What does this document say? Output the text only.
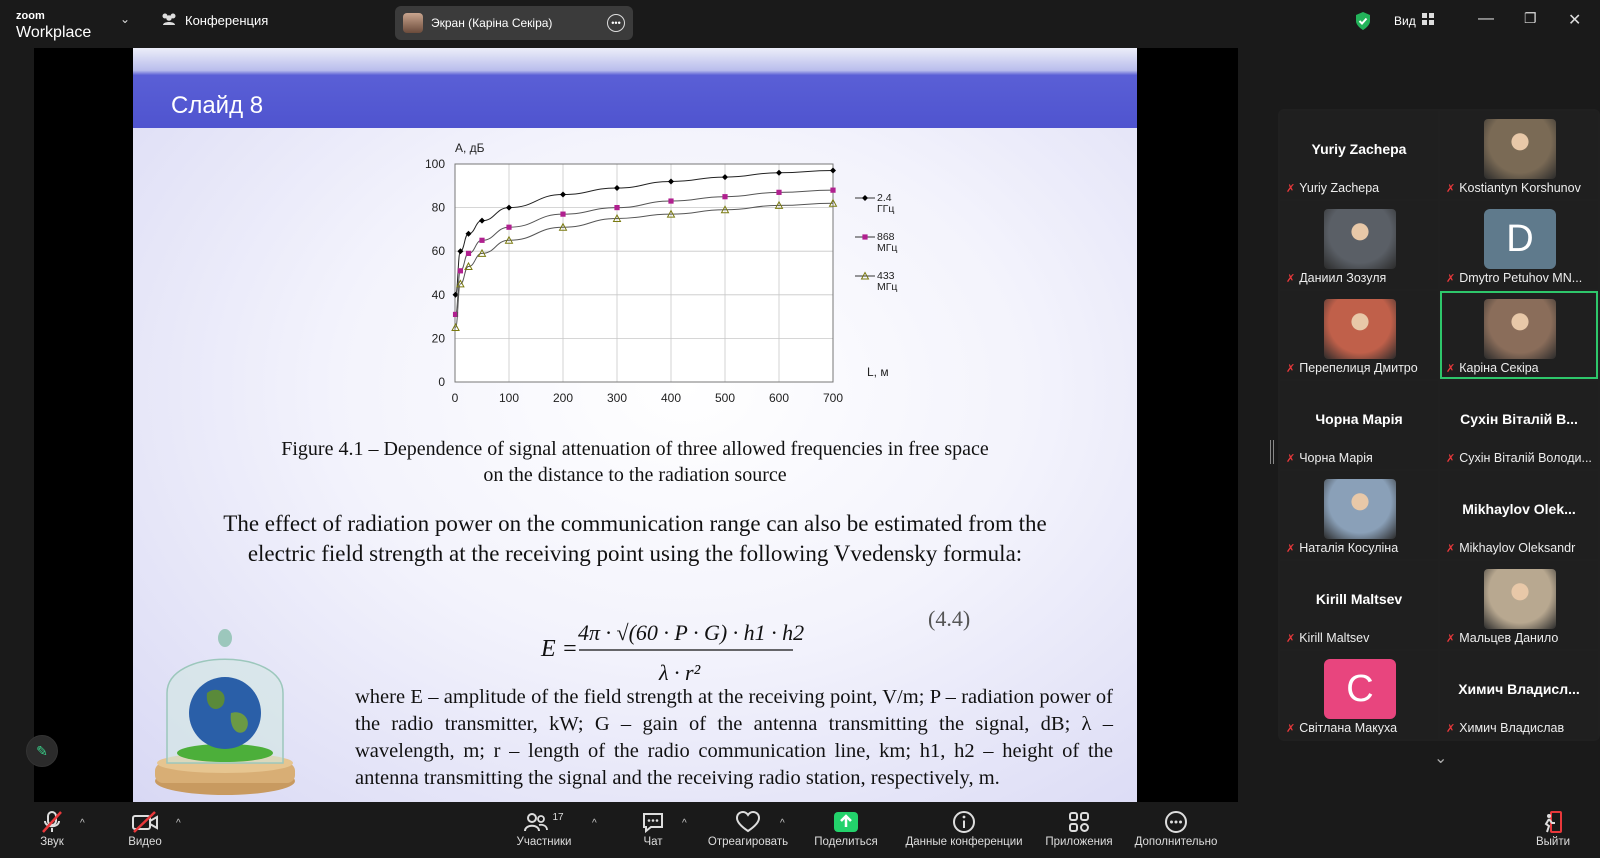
zoom
Workplace
⌄	Конференция	Экран (Каріна Секіра)	•••	Вид	— ❐ ✕
Слайд 8
A, дБ
L, м
0
20
40
60
80
100
0	100	200	300	400	500	600	700
2.4
ГГц
868
МГц
433
МГц
Figure 4.1 – Dependence of signal attenuation of three allowed frequencies in free space
on the distance to the radiation source
The effect of radiation power on the communication range can also be estimated from the
electric field strength at the receiving point using the following Vvedensky formula:
E =
4π · √(60 · P · G) · h1 · h2
λ · r²
(4.4)
where E – amplitude of the field strength at the receiving point, V/m; P – radiation power of the radio transmitter, kW; G – gain of the antenna transmitting the signal, dB; λ – wavelength, m; r – length of the radio communication line, km; h1, h2 – height of the antenna transmitting the signal and the receiving radio station, respectively, m.
✎
Yuriy Zachepa
✗ Yuriy Zachepa	✗ Kostiantyn Korshunov
✗ Даниил Зозуля
D
✗ Dmytro Petuhov MN...
✗ Перепелиця Дмитро	✗ Каріна Секіра
Чорна Марія
✗ Чорна Марія
Сухін Віталій В...
✗ Сухін Віталій Володи...
✗ Наталія Косуліна
Mikhaylov Olek...
✗ Mikhaylov Oleksandr
Kirill Maltsev
✗ Kirill Maltsev	✗ Мальцев Данило
C
✗ Світлана Макуха
Химич Владисл...
✗ Химич Владислав
⌄
Звук
^
Видео
^
17
Участники
^
Чат
^
Отреагировать
^
Поделиться	Данные конференции	Приложения	Дополнительно	Выйти
